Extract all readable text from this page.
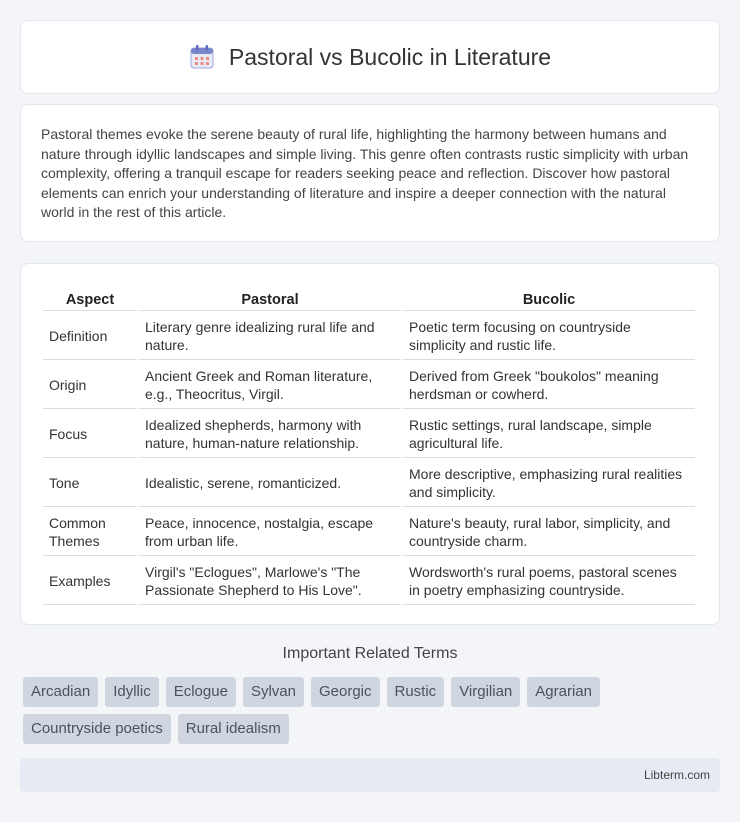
Pastoral vs Bucolic in Literature

Pastoral themes evoke the serene beauty of rural life, highlighting the harmony between humans and nature through idyllic landscapes and simple living. This genre often contrasts rustic simplicity with urban complexity, offering a tranquil escape for readers seeking peace and reflection. Discover how pastoral elements can enrich your understanding of literature and inspire a deeper connection with the natural world in the rest of this article.

Aspect	Pastoral	Bucolic
Definition	Literary genre idealizing rural life and nature.	Poetic term focusing on countryside simplicity and rustic life.
Origin	Ancient Greek and Roman literature, e.g., Theocritus, Virgil.	Derived from Greek "boukolos" meaning herdsman or cowherd.
Focus	Idealized shepherds, harmony with nature, human-nature relationship.	Rustic settings, rural landscape, simple agricultural life.
Tone	Idealistic, serene, romanticized.	More descriptive, emphasizing rural realities and simplicity.
Common Themes	Peace, innocence, nostalgia, escape from urban life.	Nature's beauty, rural labor, simplicity, and countryside charm.
Examples	Virgil's "Eclogues", Marlowe's "The Passionate Shepherd to His Love".	Wordsworth's rural poems, pastoral scenes in poetry emphasizing countryside.
Important Related Terms
Arcadian	Idyllic	Eclogue	Sylvan	Georgic	Rustic	Virgilian	Agrarian
Countryside poetics	Rural idealism
Libterm.com
